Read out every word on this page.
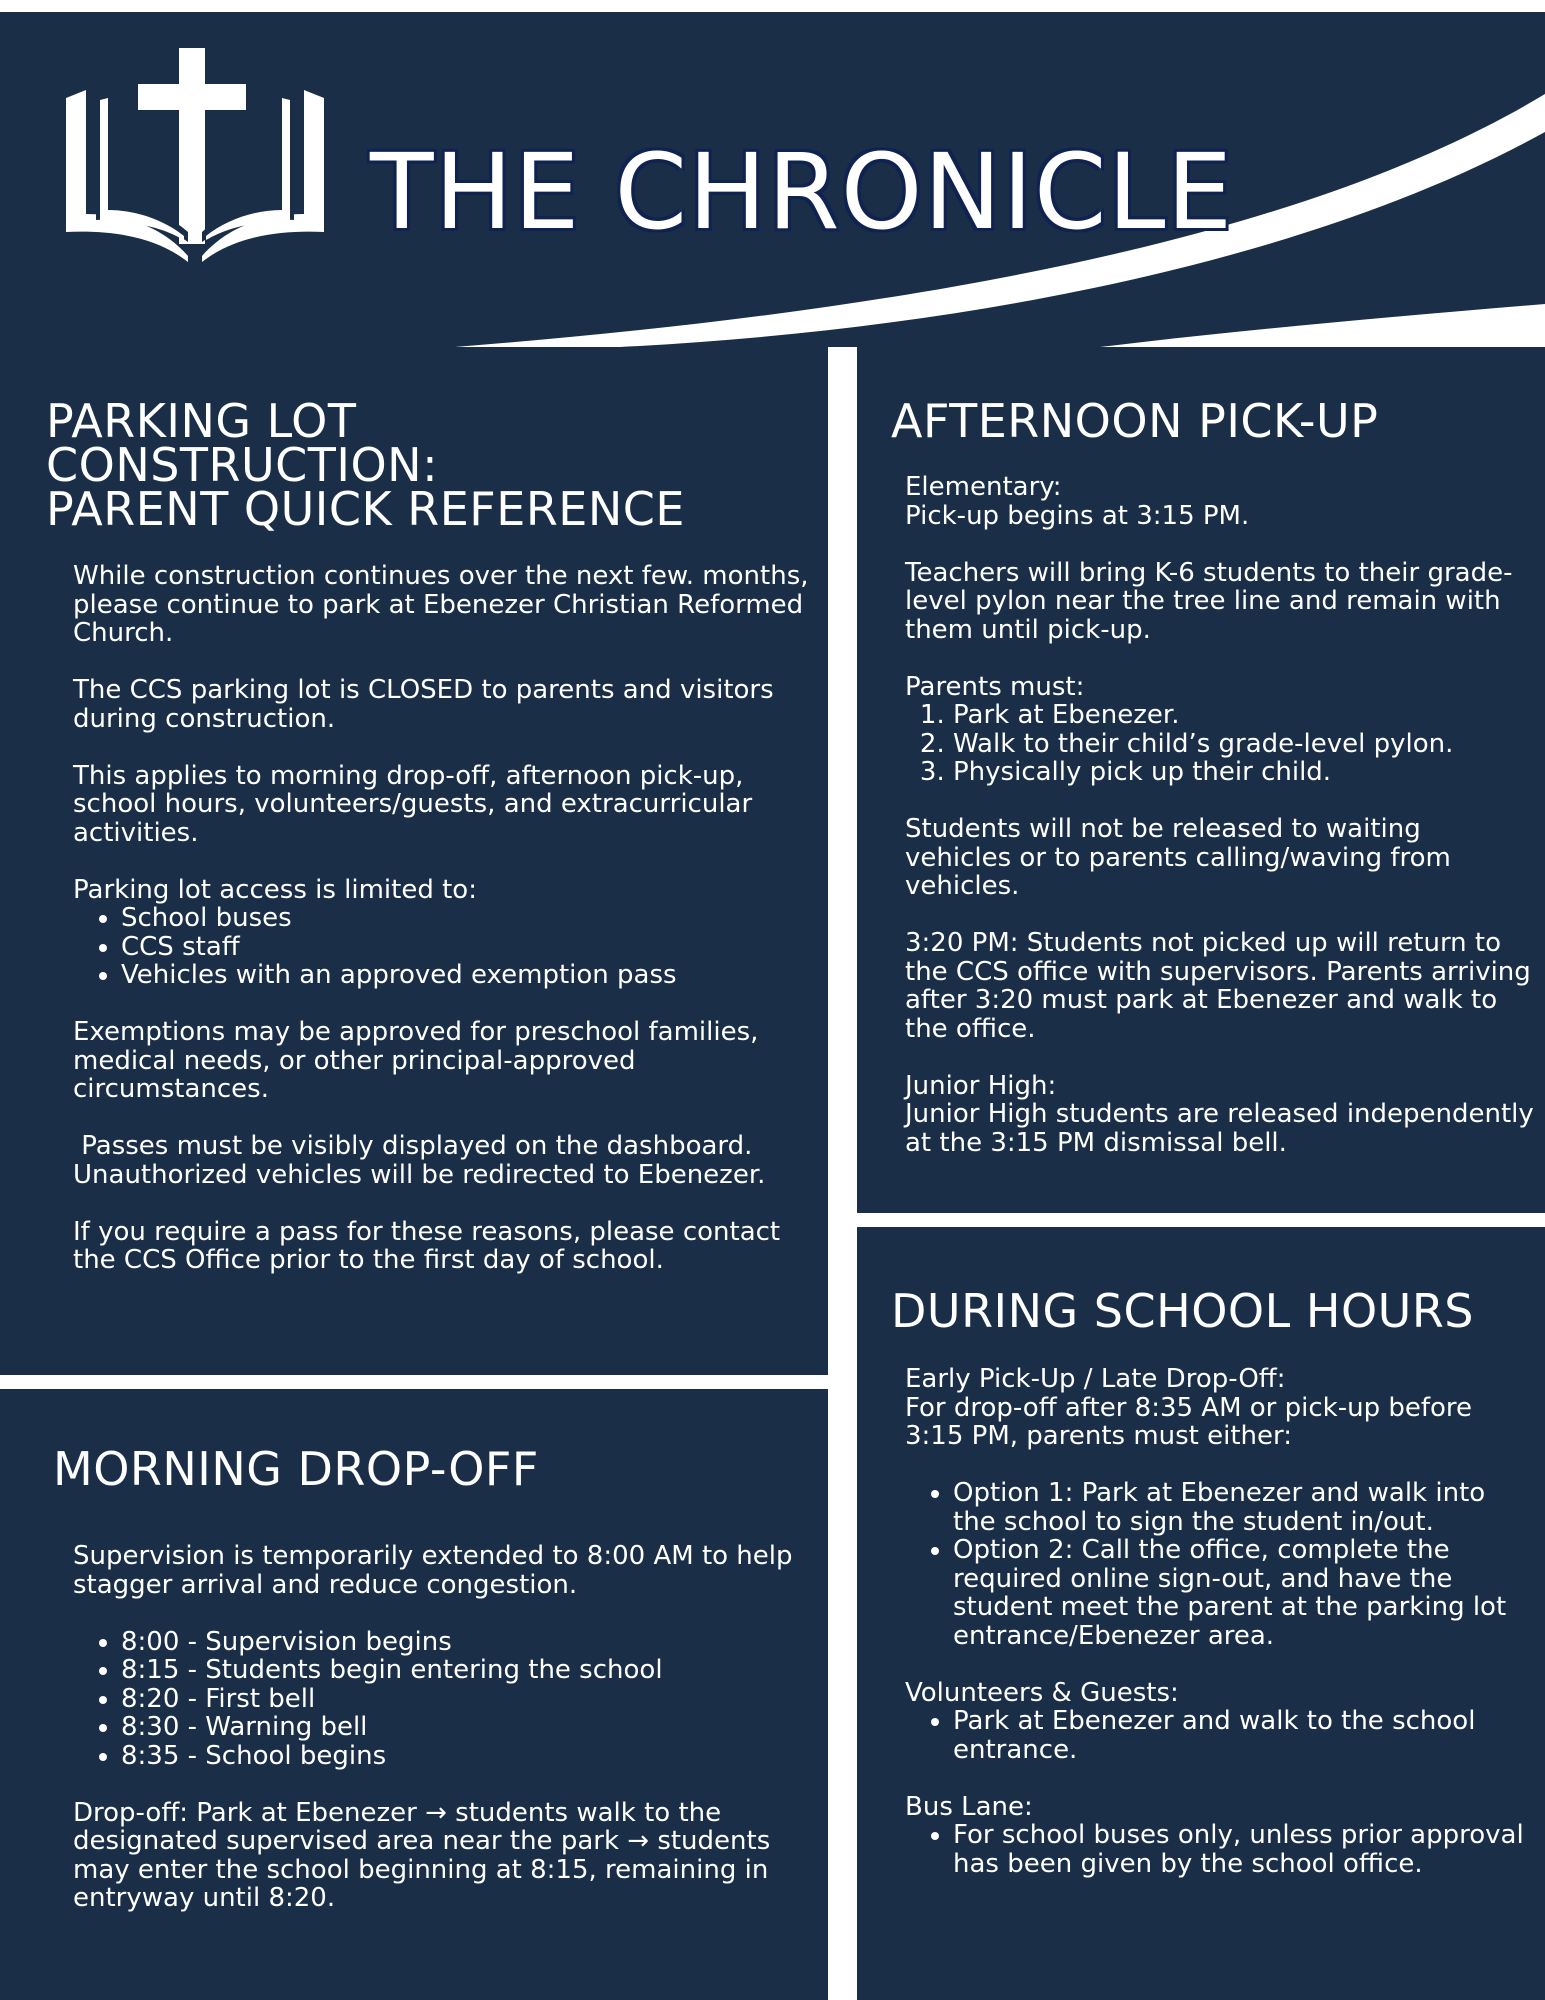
THE CHRONICLE
PARKING LOT
CONSTRUCTION:
PARENT QUICK REFERENCE

While construction continues over the next few. months, please continue to park at Ebenezer Christian Reformed Church.

The CCS parking lot is CLOSED to parents and visitors during construction.

This applies to morning drop-off, afternoon pick-up, school hours, volunteers/guests, and extracurricular activities.

Parking lot access is limited to:
• School buses
• CCS staff
• Vehicles with an approved exemption pass

Exemptions may be approved for preschool families, medical needs, or other principal-approved circumstances.

Passes must be visibly displayed on the dashboard. Unauthorized vehicles will be redirected to Ebenezer.

If you require a pass for these reasons, please contact the CCS Office prior to the first day of school.

MORNING DROP-OFF

Supervision is temporarily extended to 8:00 AM to help stagger arrival and reduce congestion.

• 8:00 - Supervision begins
• 8:15 - Students begin entering the school
• 8:20 - First bell
• 8:30 - Warning bell
• 8:35 - School begins

Drop-off: Park at Ebenezer → students walk to the designated supervised area near the park → students may enter the school beginning at 8:15, remaining in entryway until 8:20.

AFTERNOON PICK-UP

Elementary:
Pick-up begins at 3:15 PM.

Teachers will bring K-6 students to their grade-level pylon near the tree line and remain with them until pick-up.

Parents must:
1. Park at Ebenezer.
2. Walk to their child’s grade-level pylon.
3. Physically pick up their child.

Students will not be released to waiting vehicles or to parents calling/waving from vehicles.

3:20 PM: Students not picked up will return to the CCS office with supervisors. Parents arriving after 3:20 must park at Ebenezer and walk to the office.

Junior High:
Junior High students are released independently at the 3:15 PM dismissal bell.

DURING SCHOOL HOURS

Early Pick-Up / Late Drop-Off:
For drop-off after 8:35 AM or pick-up before 3:15 PM, parents must either:

• Option 1: Park at Ebenezer and walk into the school to sign the student in/out.
• Option 2: Call the office, complete the required online sign-out, and have the student meet the parent at the parking lot entrance/Ebenezer area.
Volunteers & Guests:
• Park at Ebenezer and walk to the school entrance.
Bus Lane:
• For school buses only, unless prior approval has been given by the school office.
